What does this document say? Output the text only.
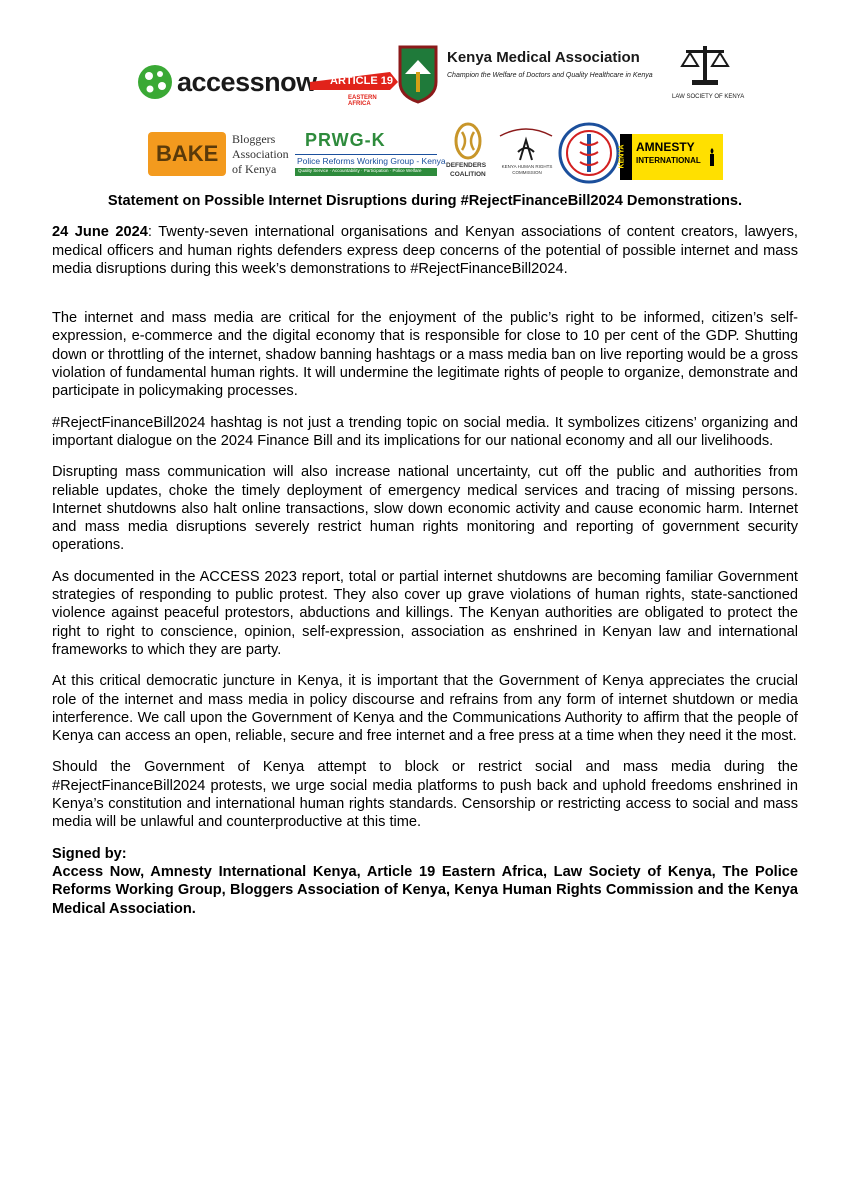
accessnow ARTICLE 19
EASTERN AFRICA
Kenya Medical Association
Champion the Welfare of Doctors and Quality Healthcare in Kenya
LAW SOCIETY OF KENYA
BAKE
Bloggers
Association
of Kenya
PRWG-K
Police Reforms Working Group - Kenya
Quality Service · Accountability · Participation · Police Welfare
DEFENDERS
COALITION
KENYA HUMAN RIGHTS COMMISSION
KENYA AMNESTY
INTERNATIONAL
Statement on Possible Internet Disruptions during #RejectFinanceBill2024 Demonstrations.

24 June 2024: Twenty-seven international organisations and Kenyan associations of content creators, lawyers, medical officers and human rights defenders express deep concerns of the potential of possible internet and mass media disruptions during this week’s demonstrations to #RejectFinanceBill2024.

The internet and mass media are critical for the enjoyment of the public’s right to be informed, citizen’s self-expression, e-commerce and the digital economy that is responsible for close to 10 per cent of the GDP. Shutting down or throttling of the internet, shadow banning hashtags or a mass media ban on live reporting would be a gross violation of fundamental human rights. It will undermine the legitimate rights of people to organize, demonstrate and participate in policymaking processes.

#RejectFinanceBill2024 hashtag is not just a trending topic on social media. It symbolizes citizens’ organizing and important dialogue on the 2024 Finance Bill and its implications for our national economy and all our livelihoods.

Disrupting mass communication will also increase national uncertainty, cut off the public and authorities from reliable updates, choke the timely deployment of emergency medical services and tracing of missing persons. Internet shutdowns also halt online transactions, slow down economic activity and cause economic harm. Internet and mass media disruptions severely restrict human rights monitoring and reporting of government security operations.

As documented in the ACCESS 2023 report, total or partial internet shutdowns are becoming familiar Government strategies of responding to public protest. They also cover up grave violations of human rights, state-sanctioned violence against peaceful protestors, abductions and killings. The Kenyan authorities are obligated to protect the right to right to conscience, opinion, self-expression, association as enshrined in Kenyan law and international frameworks to which they are party.

At this critical democratic juncture in Kenya, it is important that the Government of Kenya appreciates the crucial role of the internet and mass media in policy discourse and refrains from any form of internet shutdown or media interference. We call upon the Government of Kenya and the Communications Authority to affirm that the people of Kenya can access an open, reliable, secure and free internet and a free press at a time when they need it the most.

Should the Government of Kenya attempt to block or restrict social and mass media during the #RejectFinanceBill2024 protests, we urge social media platforms to push back and uphold freedoms enshrined in Kenya’s constitution and international human rights standards. Censorship or restricting access to social and mass media will be unlawful and counterproductive at this time.

Signed by:

Access Now, Amnesty International Kenya, Article 19 Eastern Africa, Law Society of Kenya, The Police Reforms Working Group, Bloggers Association of Kenya, Kenya Human Rights Commission and the Kenya Medical Association.
